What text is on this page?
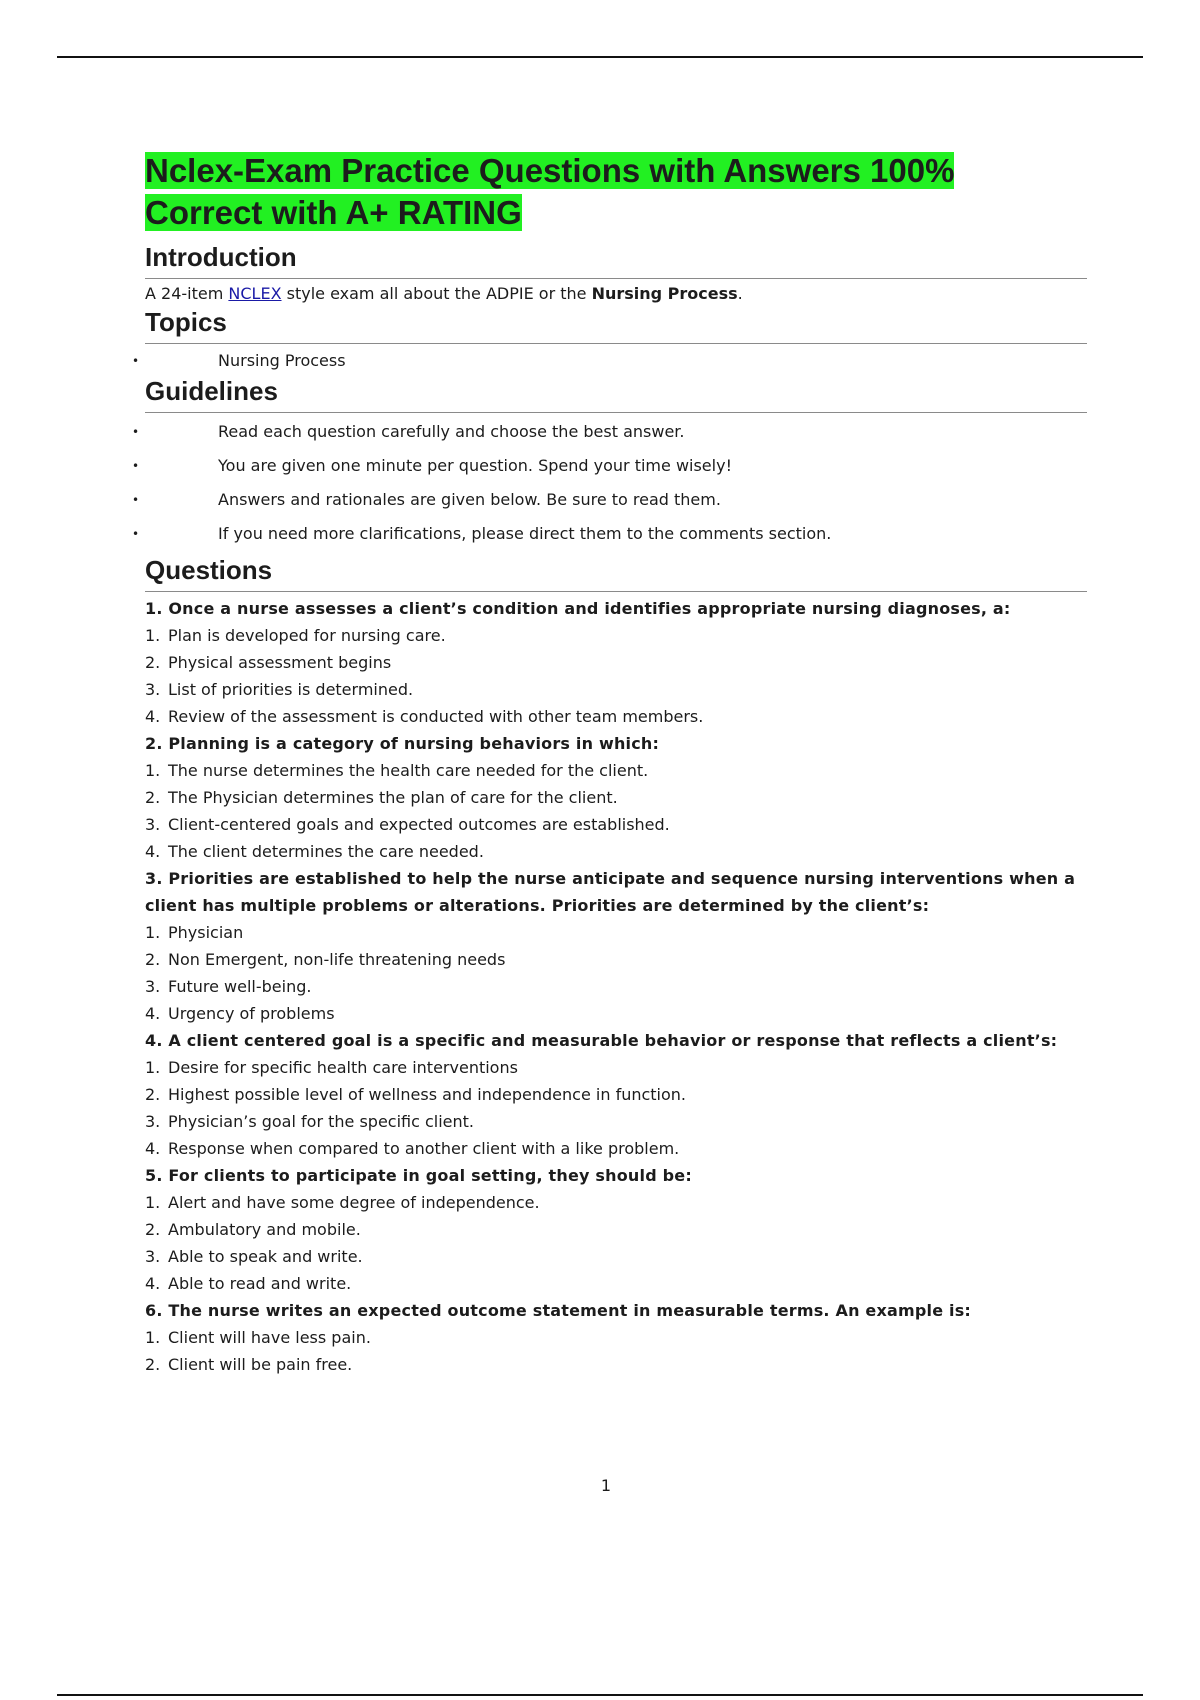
Nclex-Exam Practice Questions with Answers 100%
Correct with A+ RATING
Introduction

A 24-item NCLEX style exam all about the ADPIE or the Nursing Process.

Topics
• Nursing Process
Guidelines
• Read each question carefully and choose the best answer.
• You are given one minute per question. Spend your time wisely!
• Answers and rationales are given below. Be sure to read them.
• If you need more clarifications, please direct them to the comments section.
Questions

1. Once a nurse assesses a client’s condition and identifies appropriate nursing diagnoses, a:

1. Plan is developed for nursing care.
2. Physical assessment begins
3. List of priorities is determined.
4. Review of the assessment is conducted with other team members.

2. Planning is a category of nursing behaviors in which:

1. The nurse determines the health care needed for the client.
2. The Physician determines the plan of care for the client.
3. Client-centered goals and expected outcomes are established.
4. The client determines the care needed.

3. Priorities are established to help the nurse anticipate and sequence nursing interventions when a client has multiple problems or alterations. Priorities are determined by the client’s:

1. Physician
2. Non Emergent, non-life threatening needs
3. Future well-being.
4. Urgency of problems

4. A client centered goal is a specific and measurable behavior or response that reflects a client’s:

1. Desire for specific health care interventions
2. Highest possible level of wellness and independence in function.
3. Physician’s goal for the specific client.
4. Response when compared to another client with a like problem.

5. For clients to participate in goal setting, they should be:

1. Alert and have some degree of independence.
2. Ambulatory and mobile.
3. Able to speak and write.
4. Able to read and write.

6. The nurse writes an expected outcome statement in measurable terms. An example is:

1. Client will have less pain.
2. Client will be pain free.
1
